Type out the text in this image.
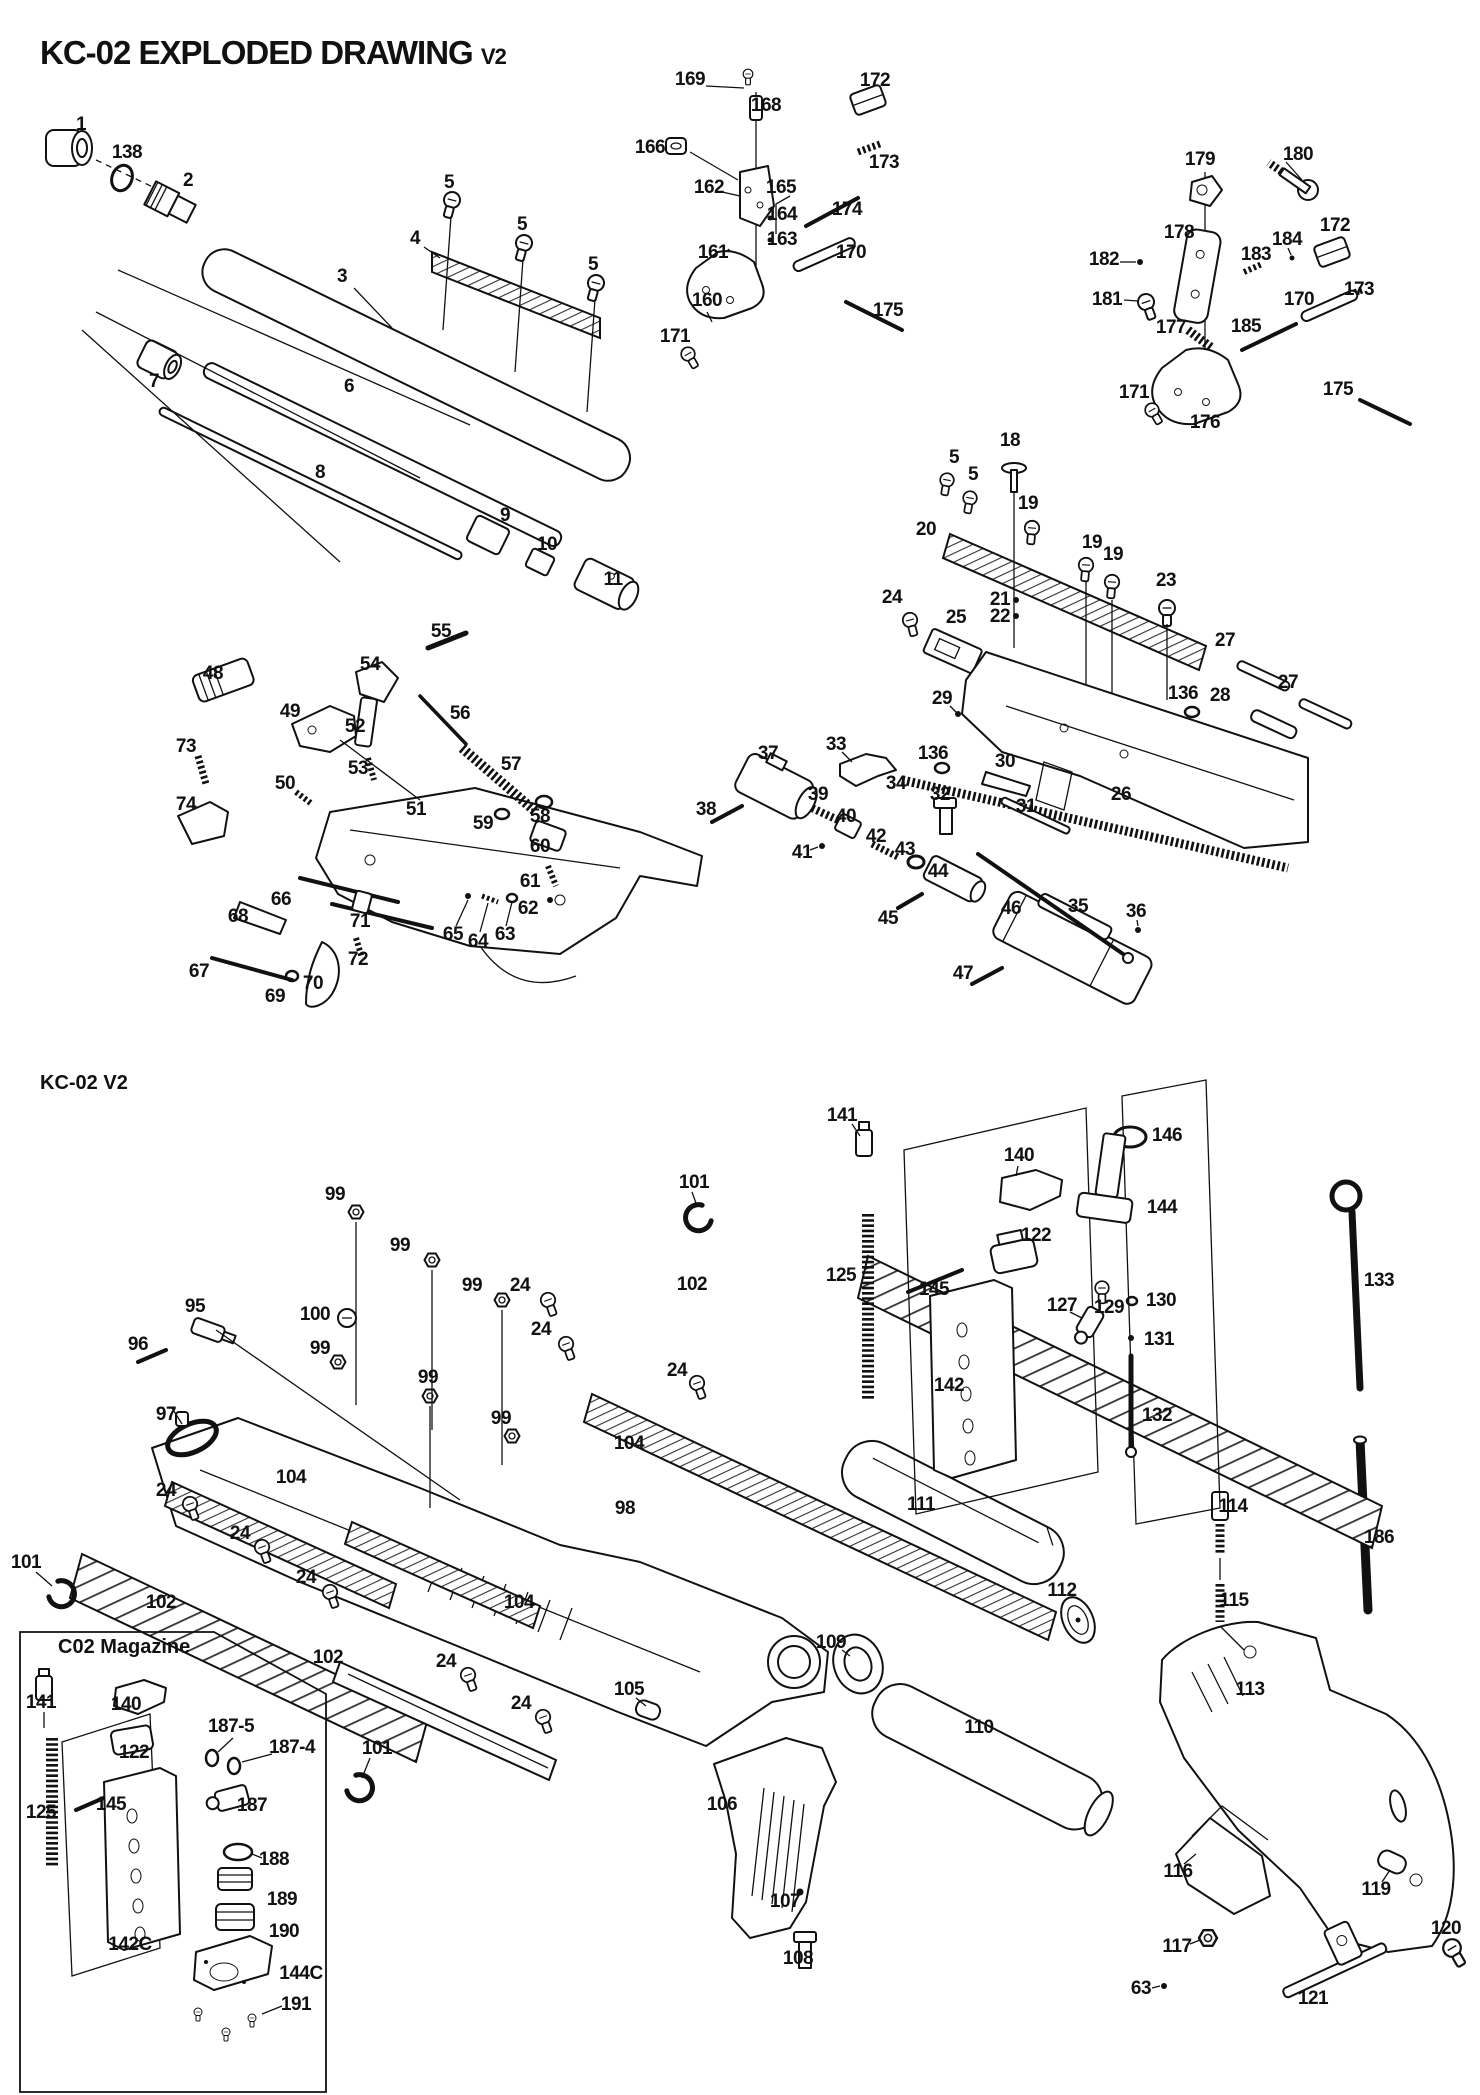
KC-02 EXPLODED DRAWING V2
KC-02 V2
C02 Magazine
1
138
2	5
5
5
4
3
7	6
8
9
10
11
169
168
172
166
162 165
164
163
173
161
174
170
160
171
175
179	180
178
182
184
183
172
181	173
170
177 185
171
176
175
18
5
5
19
20
19
19
23
21
22
24
25
27
27
29	136 28
136 30
32
31
26
33
34
37
38
39
40
41
42
43
44
45	46
47
35 36
48
49
54
55
56
52
73
53	57
50
74	51
59 58
60
61
62
66
68	71
72
67
70
69
65 64 63
99
99
99 24
95	100
96	99
99
24
97	99
101
102
24
104
104
98
24
24
24
102
101
104
24
24
102
101
105
106
107
108
109
110
111
112
113
114
115
116
117
63	121
119
120
141
146
140
144
122
125
145
127 129 130
131
142
132
133
186
141	140
187-5
187-4
122
145	187
125
188
189
190
142C
144C
191
